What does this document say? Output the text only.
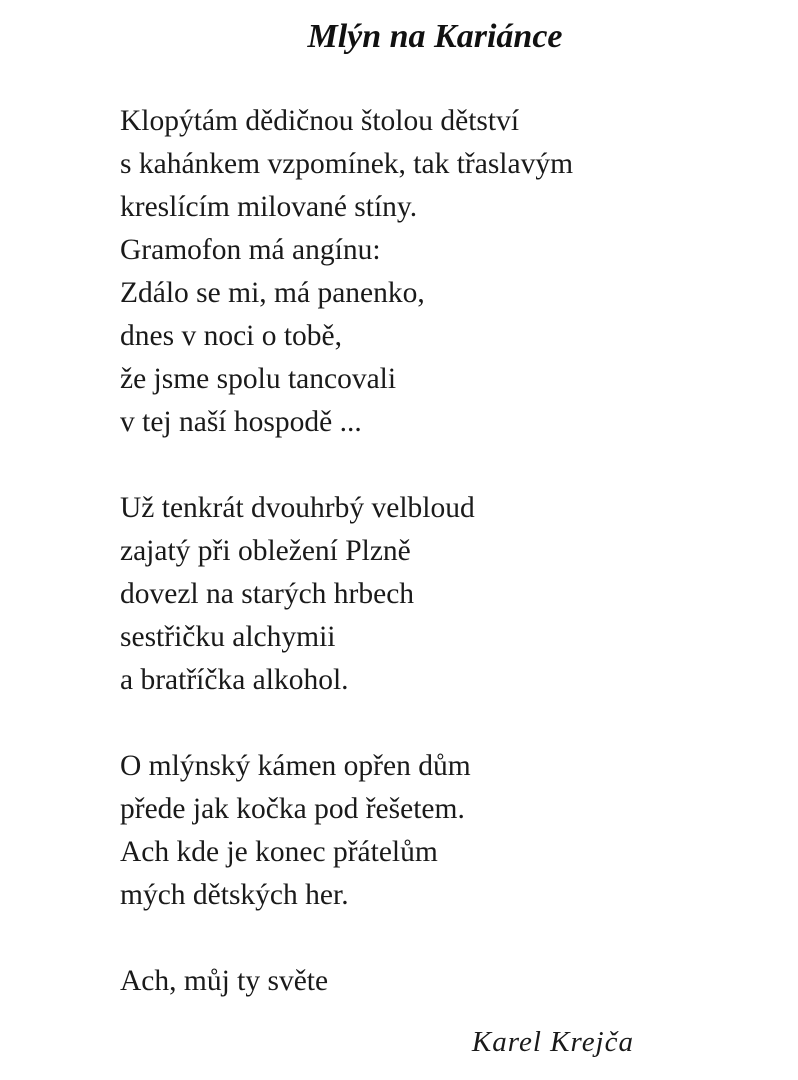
Mlýn na Kariánce
Klopýtám dědičnou štolou dětství
s kahánkem vzpomínek, tak třaslavým
kreslícím milované stíny.
Gramofon má angínu:
Zdálo se mi, má panenko,
dnes v noci o tobě,
že jsme spolu tancovali
v tej naší hospodě ...
Už tenkrát dvouhrbý velbloud
zajatý při obležení Plzně
dovezl na starých hrbech
sestřičku alchymii
a bratříčka alkohol.
O mlýnský kámen opřen dům
přede jak kočka pod řešetem.
Ach kde je konec přátelům
mých dětských her.
Ach, můj ty světe
Karel Krejča
